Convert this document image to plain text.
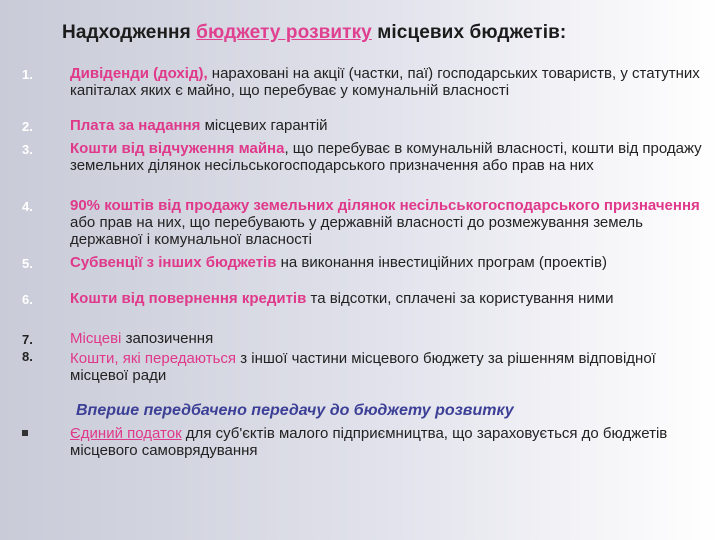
Надходження бюджету розвитку місцевих бюджетів:
1.	Дивіденди (дохід), нараховані на акції (частки, паї) господарських товариств, у статутних капіталах яких є майно, що перебуває у комунальній власності
2.	Плата за надання місцевих гарантій
3.	Кошти від відчуження майна, що перебуває в комунальній власності, кошти від продажу земельних ділянок несільськогосподарського призначення або прав на них
4.	90% коштів від продажу земельних ділянок несільськогосподарського призначення або прав на них, що перебувають у державній власності до розмежування земель державної і комунальної власності
5.	Субвенції з інших бюджетів на виконання інвестиційних програм (проектів)
6.	Кошти від повернення кредитів та відсотки, сплачені за користування ними
7.	Місцеві запозичення
8.	Кошти, які передаються з іншої частини місцевого бюджету за рішенням відповідної місцевої ради
Вперше передбачено передачу до бюджету розвитку
Єдиний податок для суб'єктів малого підприємництва, що зараховується до бюджетів місцевого самоврядування
